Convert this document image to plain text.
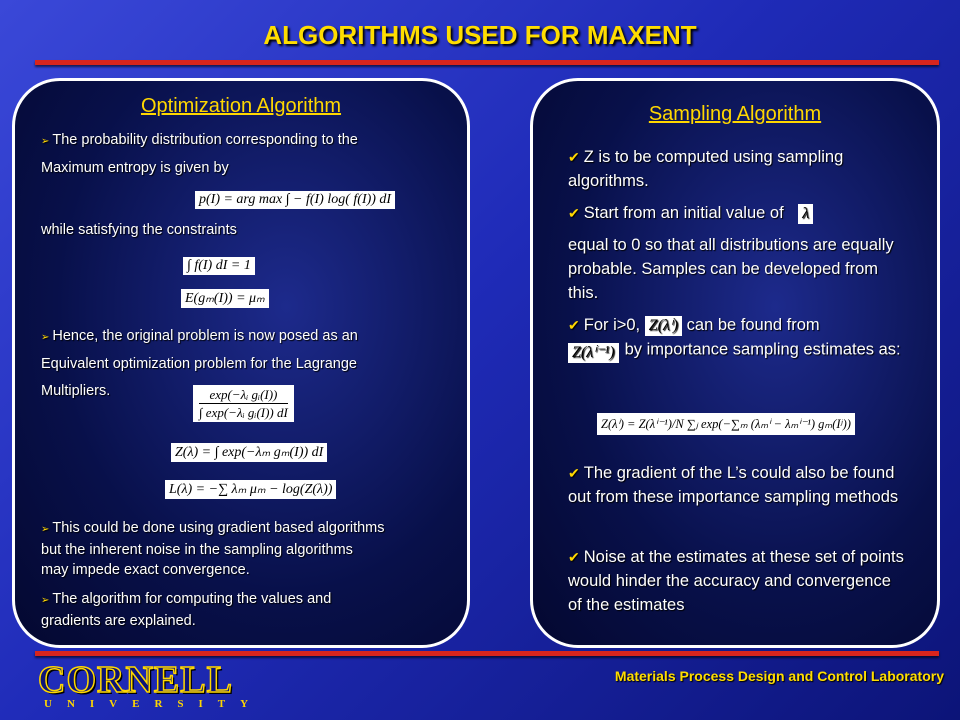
ALGORITHMS USED FOR MAXENT
Optimization Algorithm
➢ The probability distribution corresponding to the
Maximum entropy is given by
p(I) = arg max ∫ − f(I) log( f(I)) dI
while satisfying the constraints
∫ f(I) dI = 1
E(gₘ(I)) = μₘ
➢ Hence, the original problem is now posed as an
Equivalent optimization problem for the Lagrange
Multipliers.	exp(−λᵢ gᵢ(I))
∫ exp(−λᵢ gᵢ(I)) dI
Z(λ) = ∫ exp(−λₘ gₘ(I)) dI
L(λ) = −∑ λₘ μₘ − log(Z(λ))
➢ This could be done using gradient based algorithms
but the inherent noise in the sampling algorithms
may impede exact convergence.
➢ The algorithm for computing the values and
gradients are explained.
Sampling Algorithm
✔ Z is to be computed using sampling algorithms.
✔ Start from an initial value of λ

equal to 0 so that all distributions are equally probable. Samples can be developed from this.
✔ For i>0, Z(λⁱ) can be found from
Z(λⁱ⁻¹) by importance sampling estimates as:
Z(λⁱ) = Z(λⁱ⁻¹)/N ∑ⱼ exp(−∑ₘ (λₘⁱ − λₘⁱ⁻¹) gₘ(Iʲ))
✔ The gradient of the L’s could also be found out from these importance sampling methods
✔ Noise at the estimates at these set of points would hinder the accuracy and convergence of the estimates
CORNELL
UNIVERSITY
Materials Process Design and Control Laboratory
